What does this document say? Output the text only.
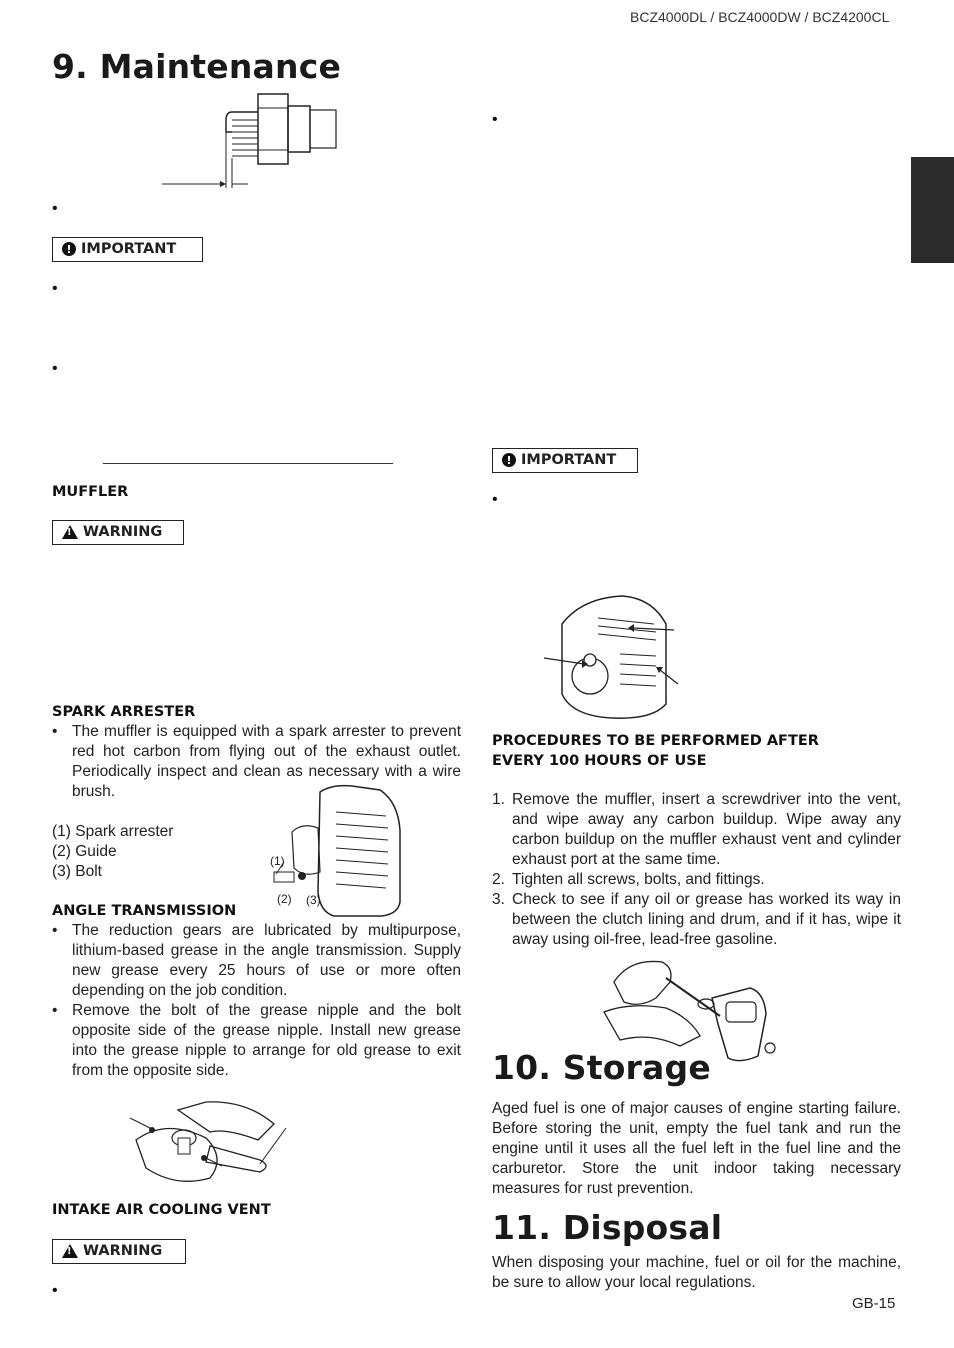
BCZ4000DL / BCZ4000DW / BCZ4200CL
9. Maintenance
•
! IMPORTANT
•
•
MUFFLER
! WARNING
SPARK ARRESTER
• The muffler is equipped with a spark arrester to prevent red hot carbon from flying out of the exhaust outlet. Periodically inspect and clean as necessary with a wire brush.
(1) Spark arrester
(2) Guide
(3) Bolt
(1)
(2) (3)
ANGLE TRANSMISSION
• The reduction gears are lubricated by multipurpose, lithium-based grease in the angle transmission. Supply new grease every 25 hours of use or more often depending on the job condition.
• Remove the bolt of the grease nipple and the bolt opposite side of the grease nipple. Install new grease into the grease nipple to arrange for old grease to exit from the opposite side.
INTAKE AIR COOLING VENT
! WARNING
•
•
! IMPORTANT
•
PROCEDURES TO BE PERFORMED AFTER
EVERY 100 HOURS OF USE
1. Remove the muffler, insert a screwdriver into the vent, and wipe away any carbon buildup. Wipe away any carbon buildup on the muffler exhaust vent and cylinder exhaust port at the same time.
2. Tighten all screws, bolts, and fittings.
3. Check to see if any oil or grease has worked its way in between the clutch lining and drum, and if it has, wipe it away using oil-free, lead-free gasoline.
10. Storage
Aged fuel is one of major causes of engine starting failure. Before storing the unit, empty the fuel tank and run the engine until it uses all the fuel left in the fuel line and the carburetor. Store the unit indoor taking necessary measures for rust prevention.
11. Disposal
When disposing your machine, fuel or oil for the machine, be sure to allow your local regulations.
GB-15
